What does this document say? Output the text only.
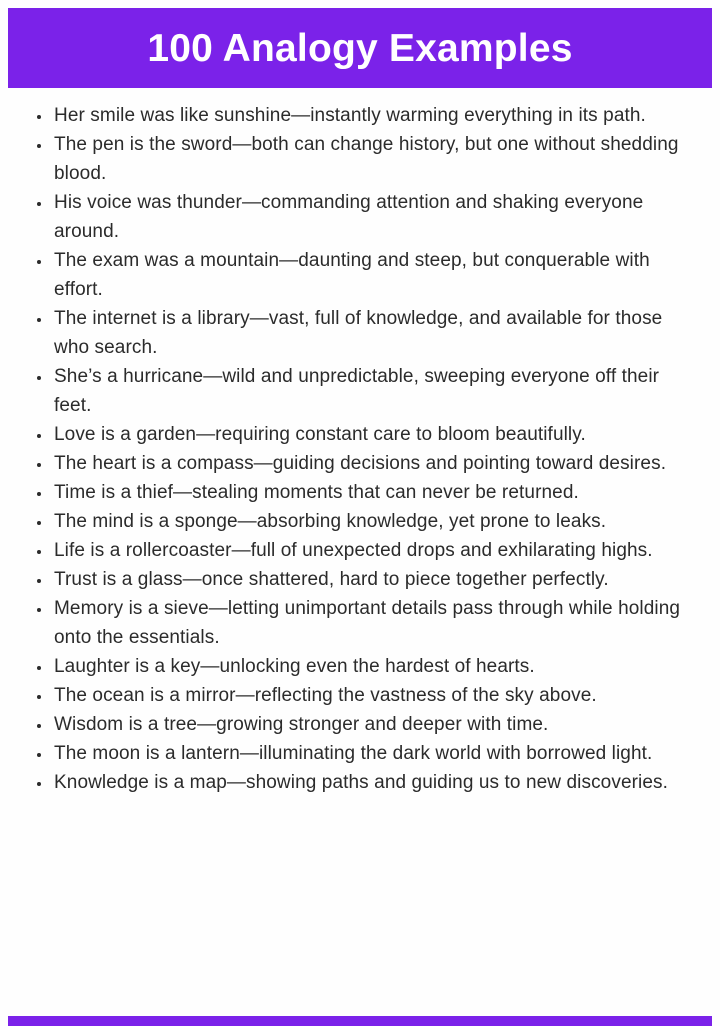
100 Analogy Examples
• Her smile was like sunshine—instantly warming everything in its path.
• The pen is the sword—both can change history, but one without shedding blood.
• His voice was thunder—commanding attention and shaking everyone around.
• The exam was a mountain—daunting and steep, but conquerable with effort.
• The internet is a library—vast, full of knowledge, and available for those who search.
• She’s a hurricane—wild and unpredictable, sweeping everyone off their feet.
• Love is a garden—requiring constant care to bloom beautifully.
• The heart is a compass—guiding decisions and pointing toward desires.
• Time is a thief—stealing moments that can never be returned.
• The mind is a sponge—absorbing knowledge, yet prone to leaks.
• Life is a rollercoaster—full of unexpected drops and exhilarating highs.
• Trust is a glass—once shattered, hard to piece together perfectly.
• Memory is a sieve—letting unimportant details pass through while holding onto the essentials.
• Laughter is a key—unlocking even the hardest of hearts.
• The ocean is a mirror—reflecting the vastness of the sky above.
• Wisdom is a tree—growing stronger and deeper with time.
• The moon is a lantern—illuminating the dark world with borrowed light.
• Knowledge is a map—showing paths and guiding us to new discoveries.
